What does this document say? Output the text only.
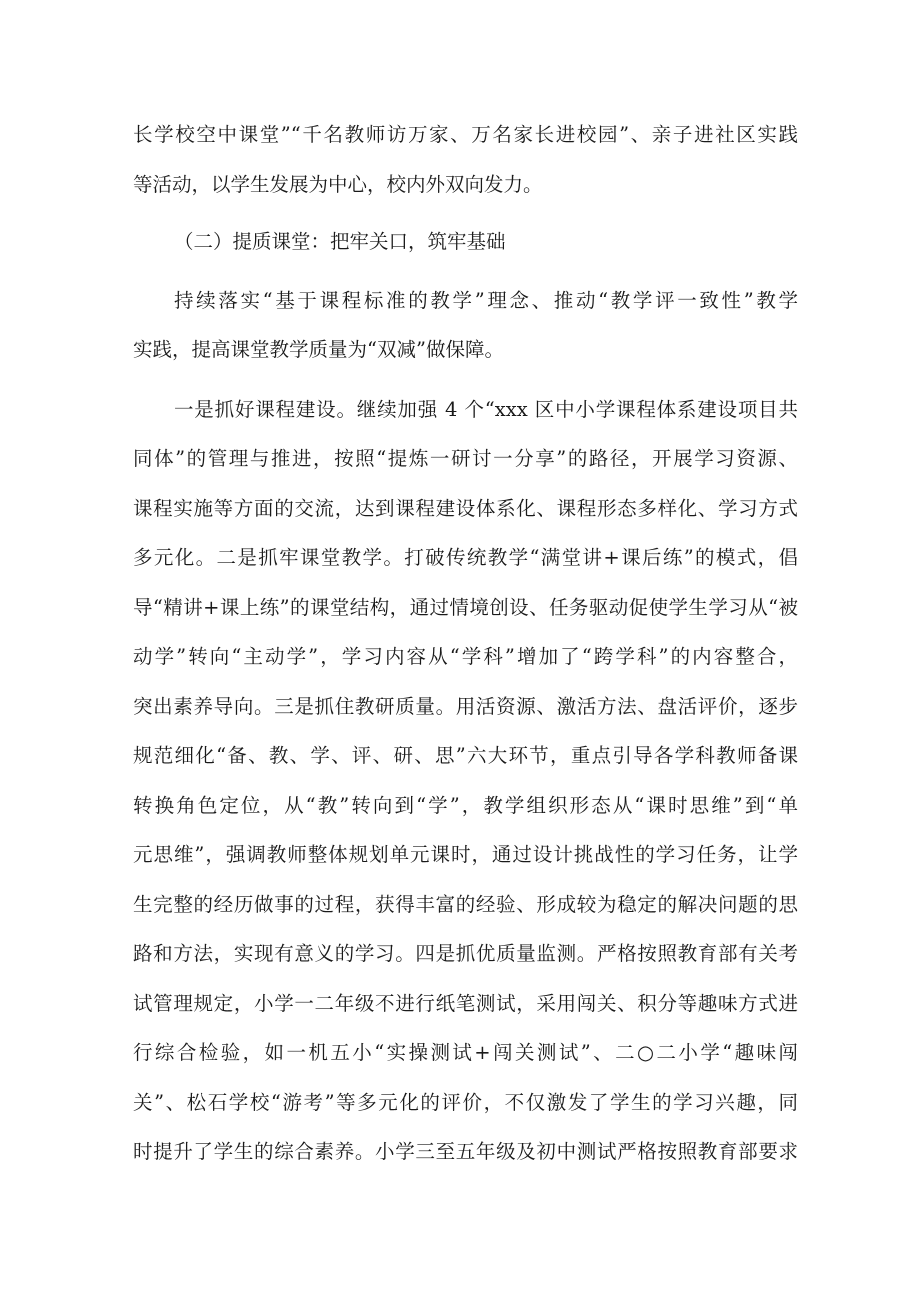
长学校空中课堂”“千名教师访万家、万名家长进校园”、亲子进社区实践
等活动，以学生发展为中心，校内外双向发力。
（二）提质课堂：把牢关口，筑牢基础
持续落实“基于课程标准的教学”理念、推动“教学评一致性”教学
实践，提高课堂教学质量为“双减”做保障。
一是抓好课程建设。继续加强 4 个“xxx 区中小学课程体系建设项目共
同体”的管理与推进，按照“提炼一研讨一分享”的路径，开展学习资源、
课程实施等方面的交流，达到课程建设体系化、课程形态多样化、学习方式
多元化。二是抓牢课堂教学。打破传统教学“满堂讲+课后练”的模式，倡
导“精讲+课上练”的课堂结构，通过情境创设、任务驱动促使学生学习从“被
动学”转向“主动学”，学习内容从“学科”增加了“跨学科”的内容整合，
突出素养导向。三是抓住教研质量。用活资源、激活方法、盘活评价，逐步
规范细化“备、教、学、评、研、思”六大环节，重点引导各学科教师备课
转换角色定位，从“教”转向到“学”，教学组织形态从“课时思维”到“单
元思维”，强调教师整体规划单元课时，通过设计挑战性的学习任务，让学
生完整的经历做事的过程，获得丰富的经验、形成较为稳定的解决问题的思
路和方法，实现有意义的学习。四是抓优质量监测。严格按照教育部有关考
试管理规定，小学一二年级不进行纸笔测试，采用闯关、积分等趣味方式进
行综合检验，如一机五小“实操测试+闯关测试”、二○二小学“趣味闯
关”、松石学校“游考”等多元化的评价，不仅激发了学生的学习兴趣，同
时提升了学生的综合素养。小学三至五年级及初中测试严格按照教育部要求
